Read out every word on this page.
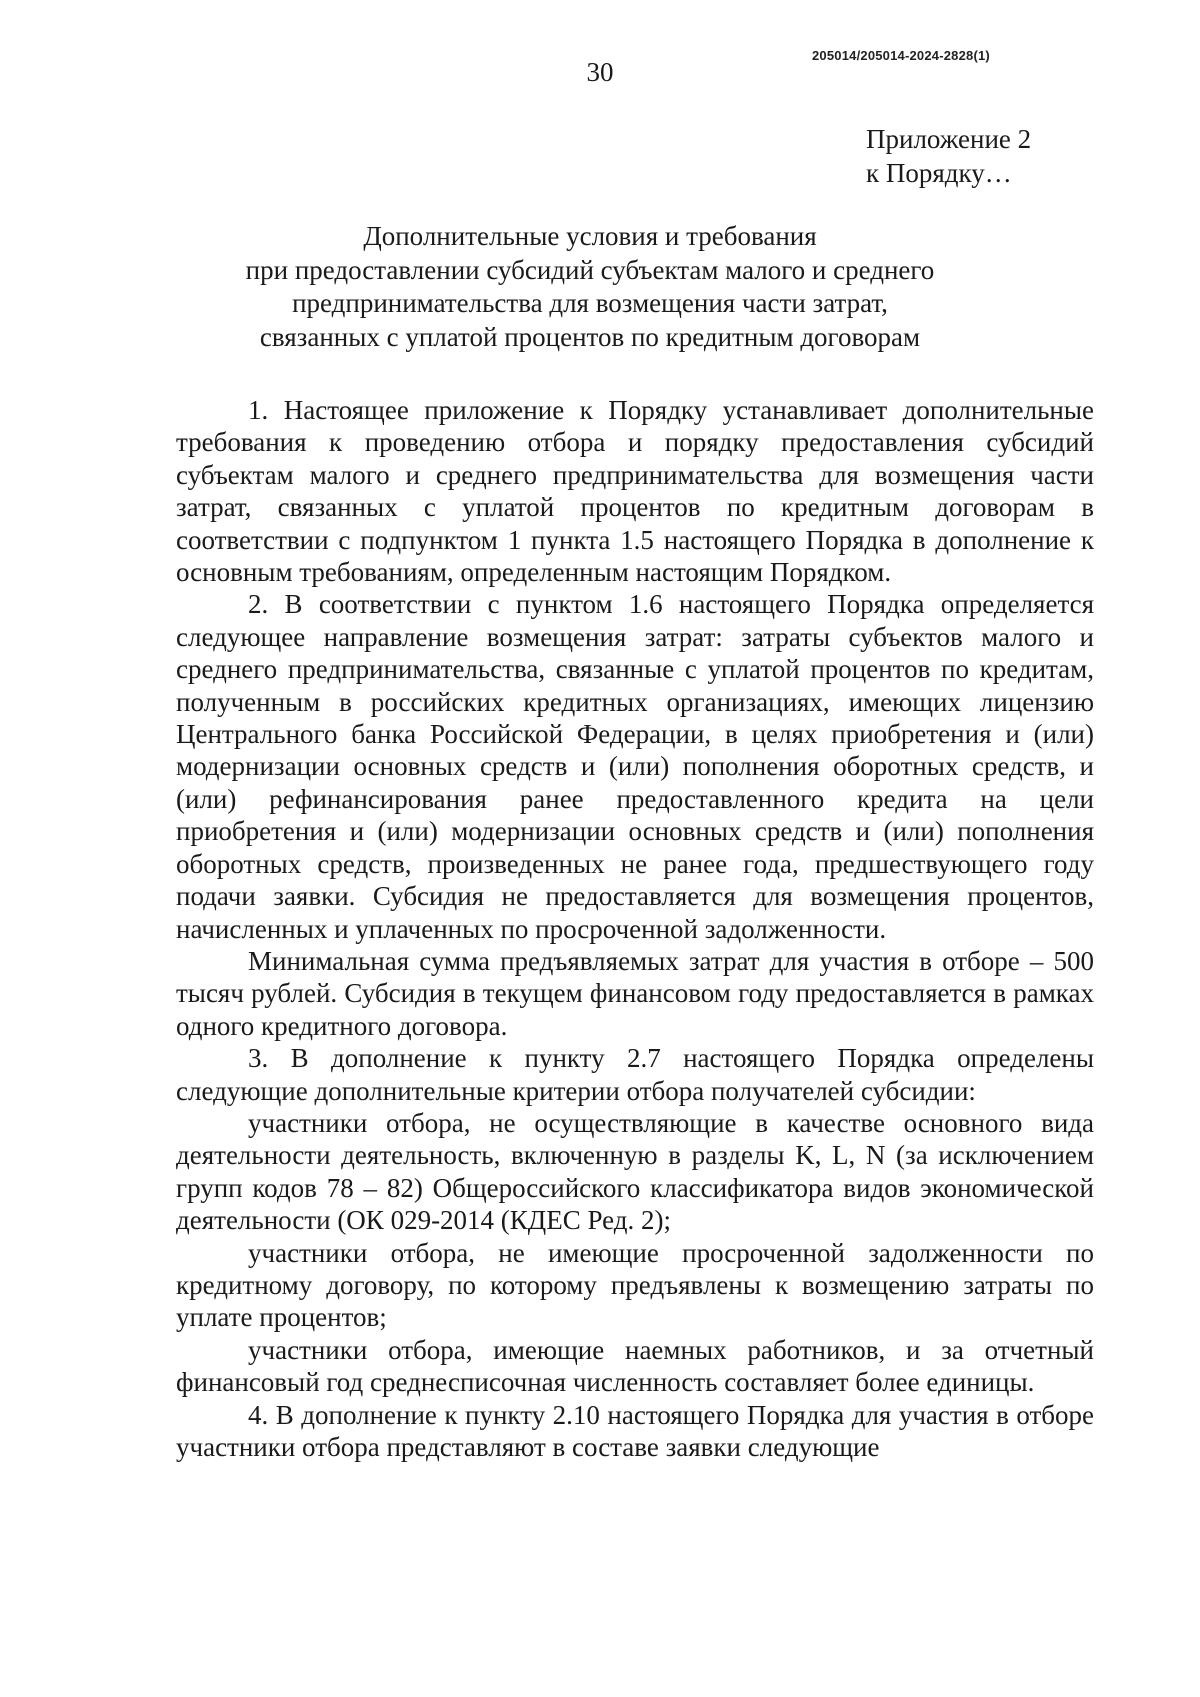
30
205014/205014-2024-2828(1)
Приложение 2
к Порядку…
Дополнительные условия и требования
при предоставлении субсидий субъектам малого и среднего
предпринимательства для возмещения части затрат,
связанных с уплатой процентов по кредитным договорам

1. Настоящее приложение к Порядку устанавливает дополнительные требования к проведению отбора и порядку предоставления субсидий субъектам малого и среднего предпринимательства для возмещения части затрат, связанных с уплатой процентов по кредитным договорам в соответствии с подпунктом 1 пункта 1.5 настоящего Порядка в дополнение к основным требованиям, определенным настоящим Порядком.

2. В соответствии с пунктом 1.6 настоящего Порядка определяется следующее направление возмещения затрат: затраты субъектов малого и среднего предпринимательства, связанные с уплатой процентов по кредитам, полученным в российских кредитных организациях, имеющих лицензию Центрального банка Российской Федерации, в целях приобретения и (или) модернизации основных средств и (или) пополнения оборотных средств, и (или) рефинансирования ранее предоставленного кредита на цели приобретения и (или) модернизации основных средств и (или) пополнения оборотных средств, произведенных не ранее года, предшествующего году подачи заявки. Субсидия не предоставляется для возмещения процентов, начисленных и уплаченных по просроченной задолженности.

Минимальная сумма предъявляемых затрат для участия в отборе – 500 тысяч рублей. Субсидия в текущем финансовом году предоставляется в рамках одного кредитного договора.

3. В дополнение к пункту 2.7 настоящего Порядка определены следующие дополнительные критерии отбора получателей субсидии:

участники отбора, не осуществляющие в качестве основного вида деятельности деятельность, включенную в разделы K, L, N (за исключением групп кодов 78 – 82) Общероссийского классификатора видов экономической деятельности (ОК 029-2014 (КДЕС Ред. 2);

участники отбора, не имеющие просроченной задолженности по кредитному договору, по которому предъявлены к возмещению затраты по уплате процентов;

участники отбора, имеющие наемных работников, и за отчетный финансовый год среднесписочная численность составляет более единицы.

4. В дополнение к пункту 2.10 настоящего Порядка для участия в отборе участники отбора представляют в составе заявки следующие
